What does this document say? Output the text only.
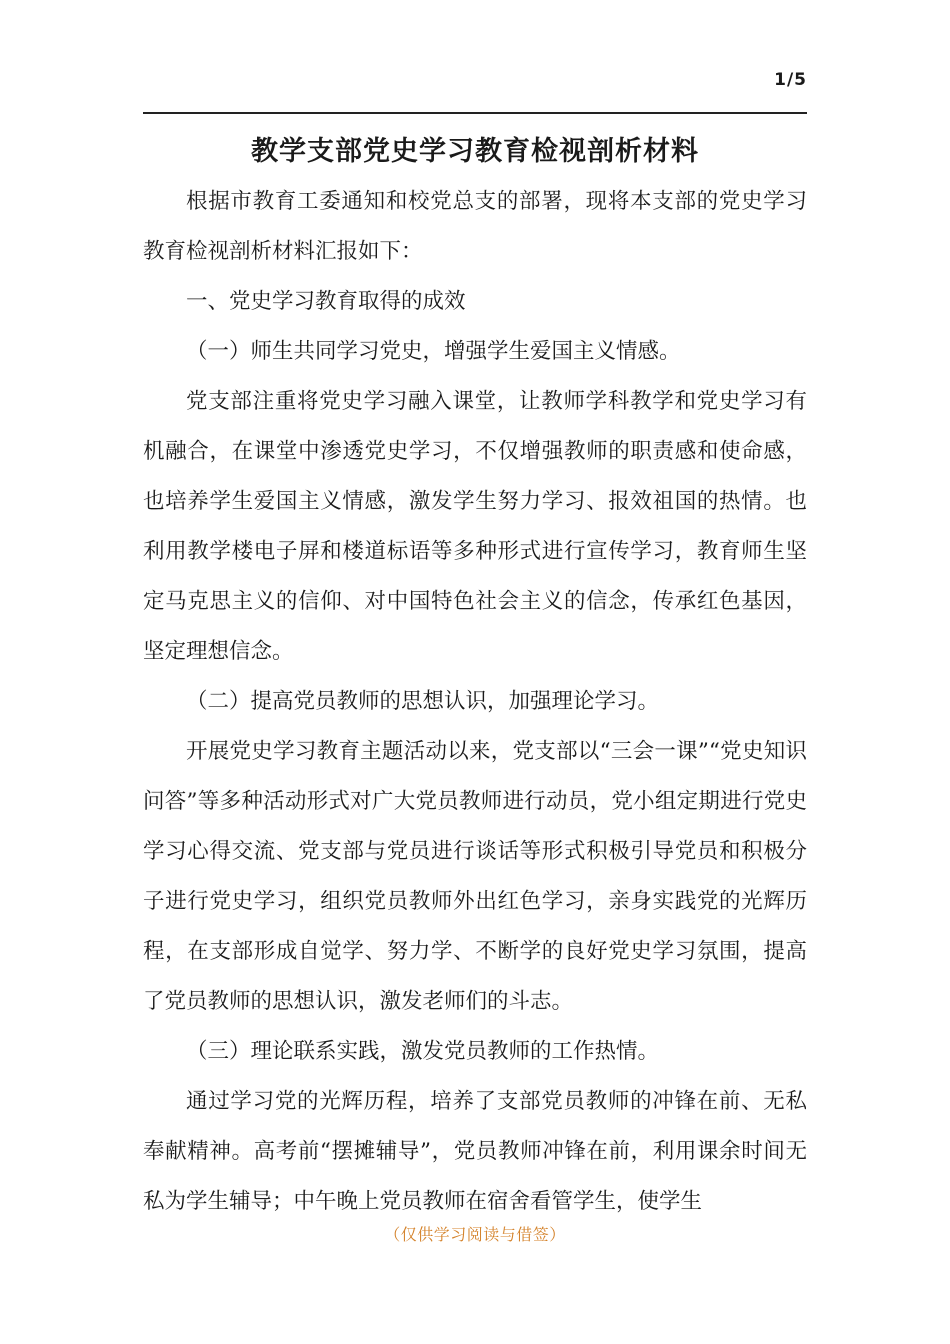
1/5
教学支部党史学习教育检视剖析材料

根据市教育工委通知和校党总支的部署，现将本支部的党史学习教育检视剖析材料汇报如下：

一、党史学习教育取得的成效

（一）师生共同学习党史，增强学生爱国主义情感。

党支部注重将党史学习融入课堂，让教师学科教学和党史学习有机融合，在课堂中渗透党史学习，不仅增强教师的职责感和使命感，也培养学生爱国主义情感，激发学生努力学习、报效祖国的热情。也利用教学楼电子屏和楼道标语等多种形式进行宣传学习，教育师生坚定马克思主义的信仰、对中国特色社会主义的信念，传承红色基因，坚定理想信念。

（二）提高党员教师的思想认识，加强理论学习。

开展党史学习教育主题活动以来，党支部以“三会一课”“党史知识问答”等多种活动形式对广大党员教师进行动员，党小组定期进行党史学习心得交流、党支部与党员进行谈话等形式积极引导党员和积极分子进行党史学习，组织党员教师外出红色学习，亲身实践党的光辉历程，在支部形成自觉学、努力学、不断学的良好党史学习氛围，提高了党员教师的思想认识，激发老师们的斗志。

（三）理论联系实践，激发党员教师的工作热情。

通过学习党的光辉历程，培养了支部党员教师的冲锋在前、无私奉献精神。高考前“摆摊辅导”，党员教师冲锋在前，利用课余时间无私为学生辅导；中午晚上党员教师在宿舍看管学生，使学生

（仅供学习阅读与借签）
